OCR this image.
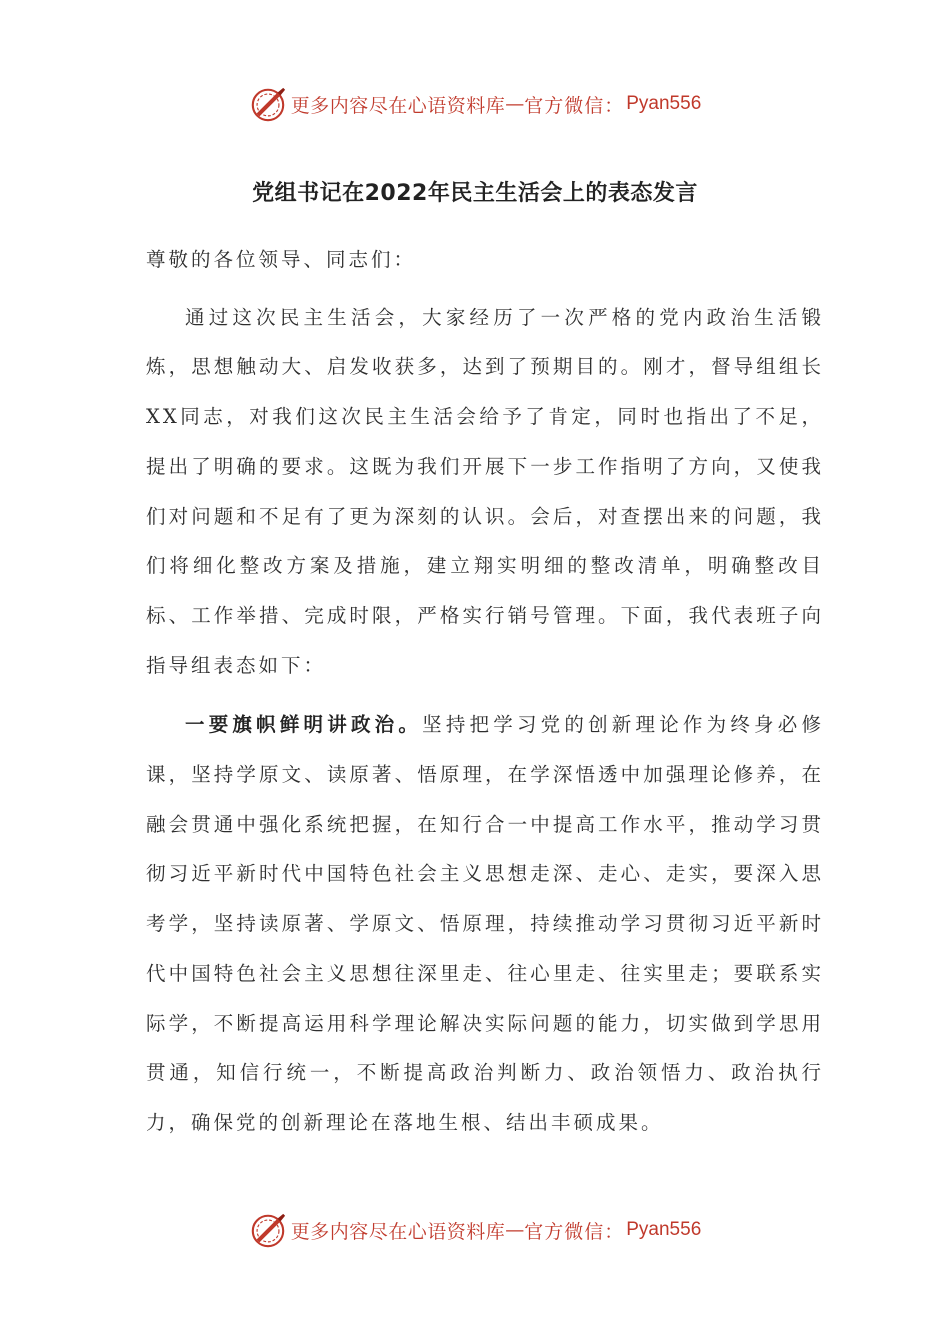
更多内容尽在心语资料库 — 官方微信： Pyan556
党组书记在2022年民主生活会上的表态发言

尊敬的各位领导、同志们：

通过这次民主生活会，大家经历了一次严格的党内政治生活锻炼，思想触动大、启发收获多，达到了预期目的。刚才，督导组组长XX同志，对我们这次民主生活会给予了肯定，同时也指出了不足，提出了明确的要求。这既为我们开展下一步工作指明了方向，又使我们对问题和不足有了更为深刻的认识。会后，对查摆出来的问题，我们将细化整改方案及措施，建立翔实明细的整改清单，明确整改目标、工作举措、完成时限，严格实行销号管理。下面，我代表班子向指导组表态如下：

一要旗帜鲜明讲政治。坚持把学习党的创新理论作为终身必修课，坚持学原文、读原著、悟原理，在学深悟透中加强理论修养，在融会贯通中强化系统把握，在知行合一中提高工作水平，推动学习贯彻习近平新时代中国特色社会主义思想走深、走心、走实，要深入思考学，坚持读原著、学原文、悟原理，持续推动学习贯彻习近平新时代中国特色社会主义思想往深里走、往心里走、往实里走；要联系实际学，不断提高运用科学理论解决实际问题的能力，切实做到学思用贯通，知信行统一，不断提高政治判断力、政治领悟力、政治执行力，确保党的创新理论在落地生根、结出丰硕成果。

更多内容尽在心语资料库 — 官方微信： Pyan556
